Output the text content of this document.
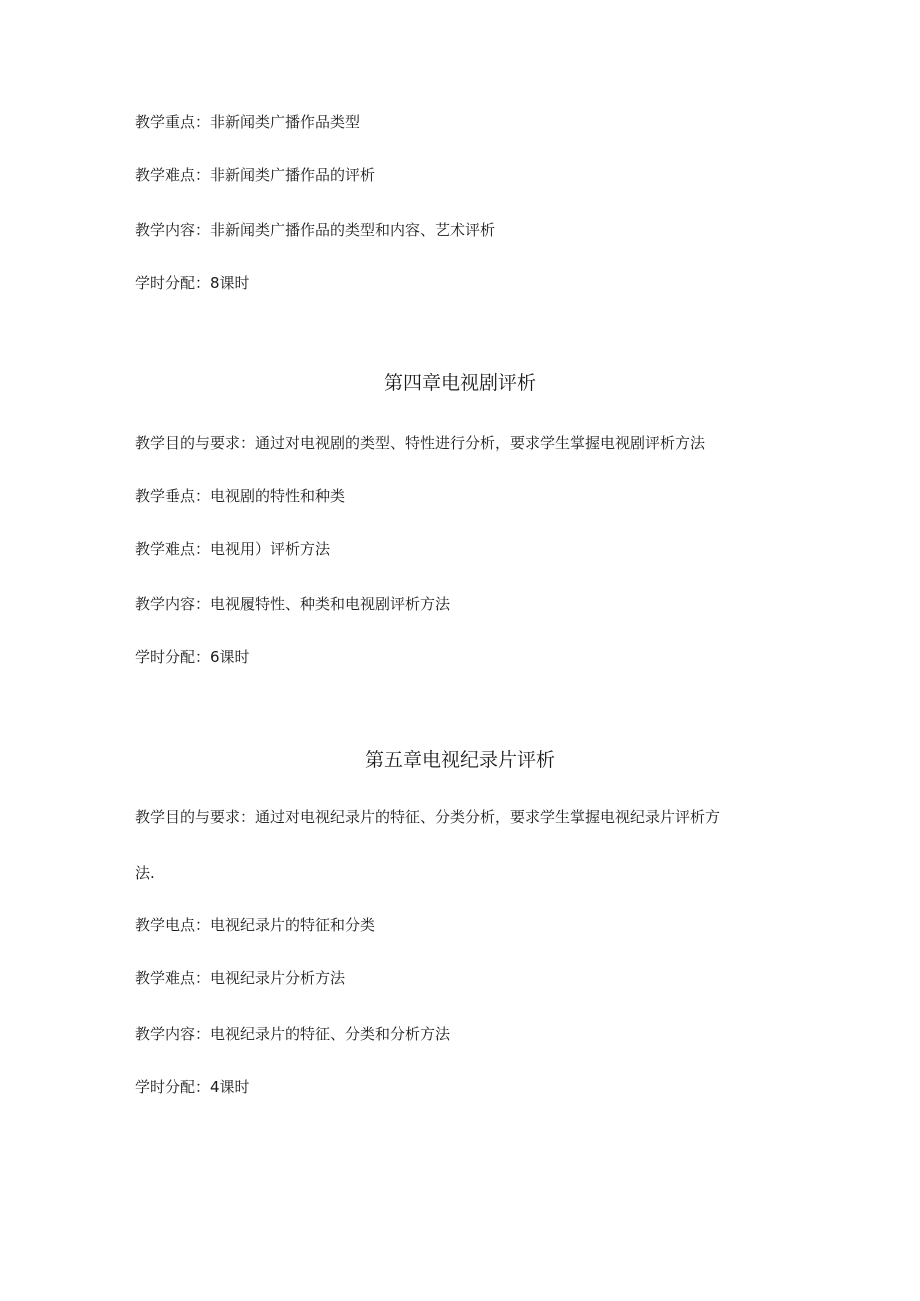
教学重点：非新闻类广播作品类型
教学难点：非新闻类广播作品的评析
教学内容：非新闻类广播作品的类型和内容、艺术评析
学时分配：8课时
第四章电视剧评析
教学目的与要求：通过对电视剧的类型、特性进行分析，要求学生掌握电视剧评析方法
教学垂点：电视剧的特性和种类
教学难点：电视用）评析方法
教学内容：电视履特性、种类和电视剧评析方法
学时分配：6课时
第五章电视纪录片评析
教学目的与要求：通过对电视纪录片的特征、分类分析，要求学生掌握电视纪录片评析方
法.
教学电点：电视纪录片的特征和分类
教学难点：电视纪录片分析方法
教学内容：电视纪录片的特征、分类和分析方法
学时分配：4课时
